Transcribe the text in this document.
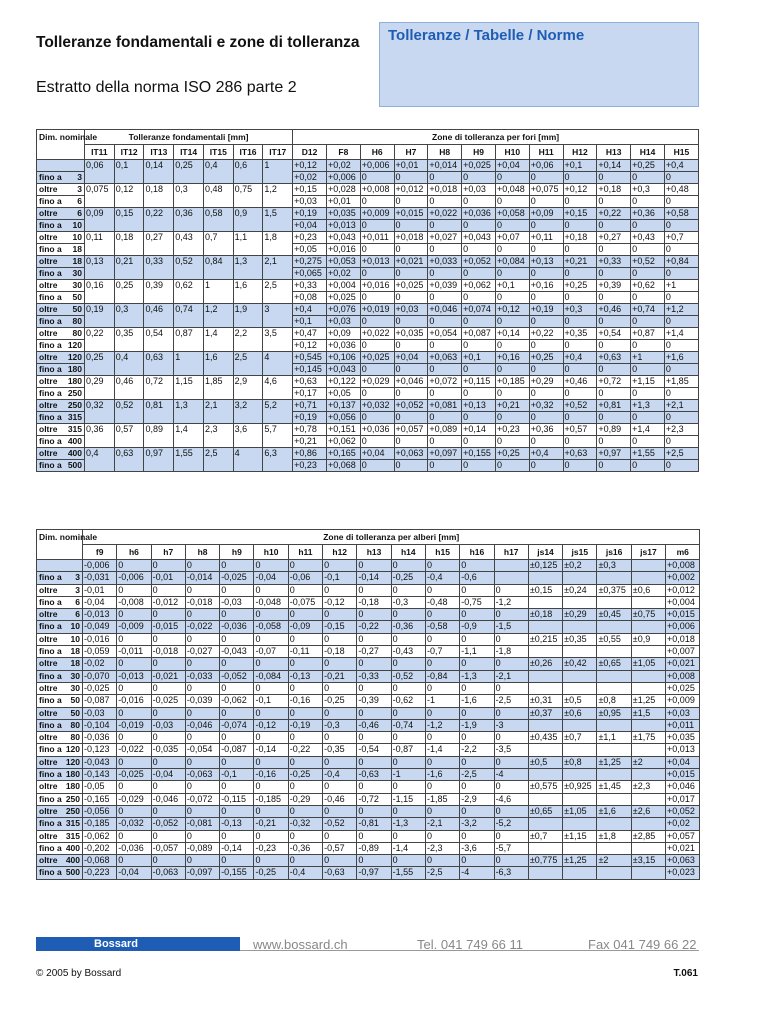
Tolleranze fondamentali e zone di tolleranza
Estratto della norma ISO 286 parte 2
Tolleranze / Tabelle / Norme
Dim. nominale	Tolleranze fondamentali [mm]							Zone di tolleranza per fori [mm]											
	IT11	IT12	IT13	IT14	IT15	IT16	IT17	D12	F8	H6	H7	H8	H9	H10	H11	H12	H13	H14	H15

	0,06	0,1	0,14	0,25	0,4	0,6	1	+0,12	+0,02	+0,006	+0,01	+0,014	+0,025	+0,04	+0,06	+0,1	+0,14	+0,25	+0,4

fino a 3								+0,02	+0,006	0	0	0	0	0	0	0	0	0	0

oltre 3	0,075	0,12	0,18	0,3	0,48	0,75	1,2	+0,15	+0,028	+0,008	+0,012	+0,018	+0,03	+0,048	+0,075	+0,12	+0,18	+0,3	+0,48

fino a 6								+0,03	+0,01	0	0	0	0	0	0	0	0	0	0

oltre 6	0,09	0,15	0,22	0,36	0,58	0,9	1,5	+0,19	+0,035	+0,009	+0,015	+0,022	+0,036	+0,058	+0,09	+0,15	+0,22	+0,36	+0,58

fino a 10								+0,04	+0,013	0	0	0	0	0	0	0	0	0	0

oltre 10	0,11	0,18	0,27	0,43	0,7	1,1	1,8	+0,23	+0,043	+0,011	+0,018	+0,027	+0,043	+0,07	+0,11	+0,18	+0,27	+0,43	+0,7

fino a 18								+0,05	+0,016	0	0	0	0	0	0	0	0	0	0

oltre 18	0,13	0,21	0,33	0,52	0,84	1,3	2,1	+0,275	+0,053	+0,013	+0,021	+0,033	+0,052	+0,084	+0,13	+0,21	+0,33	+0,52	+0,84

fino a 30								+0,065	+0,02	0	0	0	0	0	0	0	0	0	0

oltre 30	0,16	0,25	0,39	0,62	1	1,6	2,5	+0,33	+0,004	+0,016	+0,025	+0,039	+0,062	+0,1	+0,16	+0,25	+0,39	+0,62	+1

fino a 50								+0,08	+0,025	0	0	0	0	0	0	0	0	0	0

oltre 50	0,19	0,3	0,46	0,74	1,2	1,9	3	+0,4	+0,076	+0,019	+0,03	+0,046	+0,074	+0,12	+0,19	+0,3	+0,46	+0,74	+1,2

fino a 80								+0,1	+0,03	0	0	0	0	0	0	0	0	0	0

oltre 80	0,22	0,35	0,54	0,87	1,4	2,2	3,5	+0,47	+0,09	+0,022	+0,035	+0,054	+0,087	+0,14	+0,22	+0,35	+0,54	+0,87	+1,4

fino a 120								+0,12	+0,036	0	0	0	0	0	0	0	0	0	0

oltre 120	0,25	0,4	0,63	1	1,6	2,5	4	+0,545	+0,106	+0,025	+0,04	+0,063	+0,1	+0,16	+0,25	+0,4	+0,63	+1	+1,6

fino a 180								+0,145	+0,043	0	0	0	0	0	0	0	0	0	0

oltre 180	0,29	0,46	0,72	1,15	1,85	2,9	4,6	+0,63	+0,122	+0,029	+0,046	+0,072	+0,115	+0,185	+0,29	+0,46	+0,72	+1,15	+1,85

fino a 250								+0,17	+0,05	0	0	0	0	0	0	0	0	0	0

oltre 250	0,32	0,52	0,81	1,3	2,1	3,2	5,2	+0,71	+0,137	+0,032	+0,052	+0,081	+0,13	+0,21	+0,32	+0,52	+0,81	+1,3	+2,1

fino a 315								+0,19	+0,056	0	0	0	0	0	0	0	0	0	0

oltre 315	0,36	0,57	0,89	1,4	2,3	3,6	5,7	+0,78	+0,151	+0,036	+0,057	+0,089	+0,14	+0,23	+0,36	+0,57	+0,89	+1,4	+2,3

fino a 400								+0,21	+0,062	0	0	0	0	0	0	0	0	0	0

oltre 400	0,4	0,63	0,97	1,55	2,5	4	6,3	+0,86	+0,165	+0,04	+0,063	+0,097	+0,155	+0,25	+0,4	+0,63	+0,97	+1,55	+2,5

fino a 500								+0,23	+0,068	0	0	0	0	0	0	0	0	0	0
Dim. nominale	Zone di tolleranza per alberi [mm]																	
	f9	h6	h7	h8	h9	h10	h11	h12	h13	h14	h15	h16	h17	js14	js15	js16	js17	m6

	-0,006	0	0	0	0	0	0	0	0	0	0	0		±0,125	±0,2	±0,3		+0,008

fino a 3	-0,031	-0,006	-0,01	-0,014	-0,025	-0,04	-0,06	-0,1	-0,14	-0,25	-0,4	-0,6						+0,002

oltre 3	-0,01	0	0	0	0	0	0	0	0	0	0	0	0	±0,15	±0,24	±0,375	±0,6	+0,012

fino a 6	-0,04	-0,008	-0,012	-0,018	-0,03	-0,048	-0,075	-0,12	-0,18	-0,3	-0,48	-0,75	-1,2					+0,004

oltre 6	-0,013	0	0	0	0	0	0	0	0	0	0	0	0	±0,18	±0,29	±0,45	±0,75	+0,015

fino a 10	-0,049	-0,009	-0,015	-0,022	-0,036	-0,058	-0,09	-0,15	-0,22	-0,36	-0,58	-0,9	-1,5					+0,006

oltre 10	-0,016	0	0	0	0	0	0	0	0	0	0	0	0	±0,215	±0,35	±0,55	±0,9	+0,018

fino a 18	-0,059	-0,011	-0,018	-0,027	-0,043	-0,07	-0,11	-0,18	-0,27	-0,43	-0,7	-1,1	-1,8					+0,007

oltre 18	-0,02	0	0	0	0	0	0	0	0	0	0	0	0	±0,26	±0,42	±0,65	±1,05	+0,021

fino a 30	-0,070	-0,013	-0,021	-0,033	-0,052	-0,084	-0,13	-0,21	-0,33	-0,52	-0,84	-1,3	-2,1					+0,008

oltre 30	-0,025	0	0	0	0	0	0	0	0	0	0	0	0					+0,025

fino a 50	-0,087	-0,016	-0,025	-0,039	-0,062	-0,1	-0,16	-0,25	-0,39	-0,62	-1	-1,6	-2,5	±0,31	±0,5	±0,8	±1,25	+0,009

oltre 50	-0,03	0	0	0	0	0	0	0	0	0	0	0	0	±0,37	±0,6	±0,95	±1,5	+0,03

fino a 80	-0,104	-0,019	-0,03	-0,046	-0,074	-0,12	-0,19	-0,3	-0,46	-0,74	-1,2	-1,9	-3					+0,011

oltre 80	-0,036	0	0	0	0	0	0	0	0	0	0	0	0	±0,435	±0,7	±1,1	±1,75	+0,035

fino a 120	-0,123	-0,022	-0,035	-0,054	-0,087	-0,14	-0,22	-0,35	-0,54	-0,87	-1,4	-2,2	-3,5					+0,013

oltre 120	-0,043	0	0	0	0	0	0	0	0	0	0	0	0	±0,5	±0,8	±1,25	±2	+0,04

fino a 180	-0,143	-0,025	-0,04	-0,063	-0,1	-0,16	-0,25	-0,4	-0,63	-1	-1,6	-2,5	-4					+0,015

oltre 180	-0,05	0	0	0	0	0	0	0	0	0	0	0	0	±0,575	±0,925	±1,45	±2,3	+0,046

fino a 250	-0,165	-0,029	-0,046	-0,072	-0,115	-0,185	-0,29	-0,46	-0,72	-1,15	-1,85	-2,9	-4,6					+0,017

oltre 250	-0,056	0	0	0	0	0	0	0	0	0	0	0	0	±0,65	±1,05	±1,6	±2,6	+0,052

fino a 315	-0,185	-0,032	-0,052	-0,081	-0,13	-0,21	-0,32	-0,52	-0,81	-1,3	-2,1	-3,2	-5,2					+0,02

oltre 315	-0,062	0	0	0	0	0	0	0	0	0	0	0	0	±0,7	±1,15	±1,8	±2,85	+0,057

fino a 400	-0,202	-0,036	-0,057	-0,089	-0,14	-0,23	-0,36	-0,57	-0,89	-1,4	-2,3	-3,6	-5,7					+0,021

oltre 400	-0,068	0	0	0	0	0	0	0	0	0	0	0	0	±0,775	±1,25	±2	±3,15	+0,063

fino a 500	-0,223	-0,04	-0,063	-0,097	-0,155	-0,25	-0,4	-0,63	-0,97	-1,55	-2,5	-4	-6,3					+0,023
Bossard	www.bossard.ch	Tel. 041 749 66 11	Fax 041 749 66 22
© 2005 by Bossard	T.061
